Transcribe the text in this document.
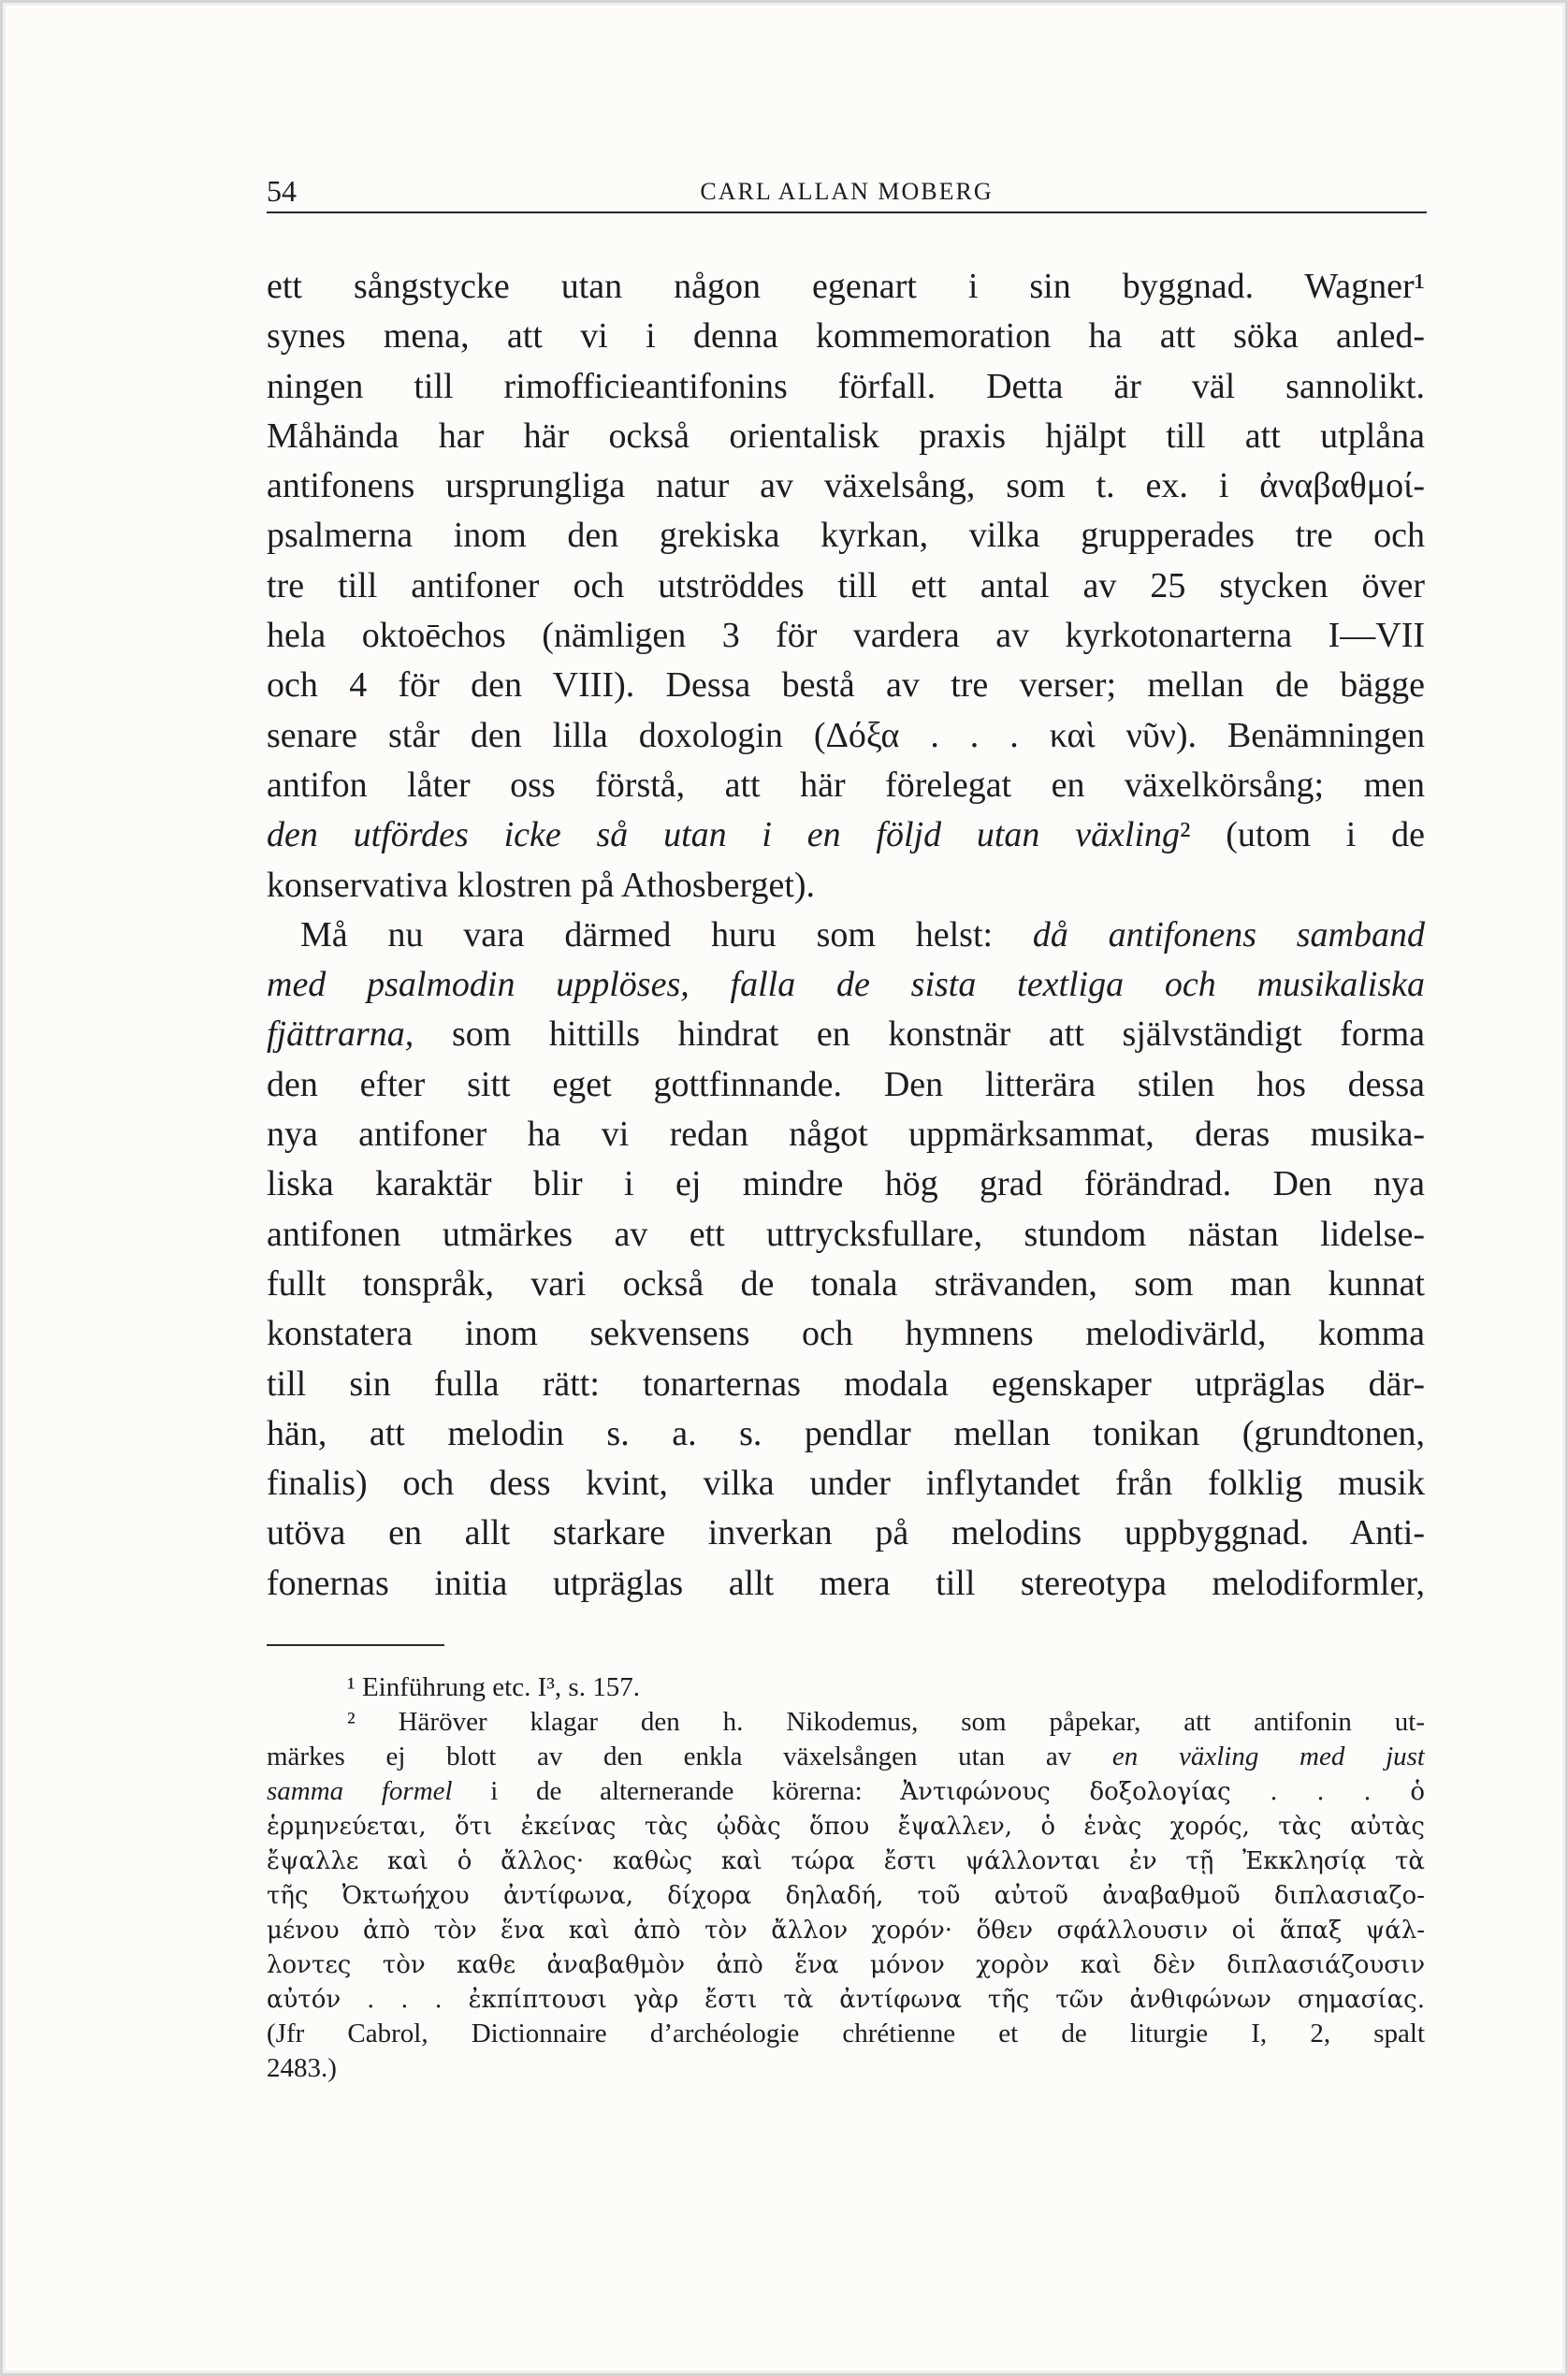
54	CARL ALLAN MOBERG
ett sångstycke utan någon egenart i sin byggnad. Wagner¹
synes mena, att vi i denna kommemoration ha att söka anled-
ningen till rimofficieantifonins förfall. Detta är väl sannolikt.
Måhända har här också orientalisk praxis hjälpt till att utplåna
antifonens ursprungliga natur av växelsång, som t. ex. i ἀναβαθμοί-
psalmerna inom den grekiska kyrkan, vilka grupperades tre och
tre till antifoner och utströddes till ett antal av 25 stycken över
hela oktoēchos (nämligen 3 för vardera av kyrkotonarterna I—VII
och 4 för den VIII). Dessa bestå av tre verser; mellan de bägge
senare står den lilla doxologin (Δόξα . . . καὶ νῦν). Benämningen
antifon låter oss förstå, att här förelegat en växelkörsång; men
den utfördes icke så utan i en följd utan växling² (utom i de
konservativa klostren på Athosberget).
Må nu vara därmed huru som helst: då antifonens samband
med psalmodin upplöses, falla de sista textliga och musikaliska
fjättrarna, som hittills hindrat en konstnär att självständigt forma
den efter sitt eget gottfinnande. Den litterära stilen hos dessa
nya antifoner ha vi redan något uppmärksammat, deras musika-
liska karaktär blir i ej mindre hög grad förändrad. Den nya
antifonen utmärkes av ett uttrycksfullare, stundom nästan lidelse-
fullt tonspråk, vari också de tonala strävanden, som man kunnat
konstatera inom sekvensens och hymnens melodivärld, komma
till sin fulla rätt: tonarternas modala egenskaper utpräglas där-
hän, att melodin s. a. s. pendlar mellan tonikan (grundtonen,
finalis) och dess kvint, vilka under inflytandet från folklig musik
utöva en allt starkare inverkan på melodins uppbyggnad. Anti-
fonernas initia utpräglas allt mera till stereotypa melodiformler,
¹ Einführung etc. I³, s. 157.
² Häröver klagar den h. Nikodemus, som påpekar, att antifonin ut-
märkes ej blott av den enkla växelsången utan av en växling med just
samma formel i de alternerande körerna: Ἀντιφώνους δοξολογίας . . . ὁ
ἑρμηνεύεται, ὅτι ἐκείνας τὰς ᾠδὰς ὅπου ἔψαλλεν, ὁ ἑνὰς χορός, τὰς αὐτὰς
ἔψαλλε καὶ ὁ ἄλλος· καθὼς καὶ τώρα ἔστι ψάλλονται ἐν τῇ Ἐκκλησίᾳ τὰ
τῆς Ὀκτωήχου ἀντίφωνα, δίχορα δηλαδή, τοῦ αὐτοῦ ἀναβαθμοῦ διπλασιαζο-
μένου ἀπὸ τὸν ἕνα καὶ ἀπὸ τὸν ἄλλον χορόν· ὅθεν σφάλλουσιν οἱ ἅπαξ ψάλ-
λοντες τὸν καθε ἀναβαθμὸν ἀπὸ ἕνα μόνον χορὸν καὶ δὲν διπλασιάζουσιν
αὐτόν . . . ἐκπίπτουσι γὰρ ἔστι τὰ ἀντίφωνα τῆς τῶν ἀνθιφώνων σημασίας.
(Jfr Cabrol, Dictionnaire d’archéologie chrétienne et de liturgie I, 2, spalt
2483.)
